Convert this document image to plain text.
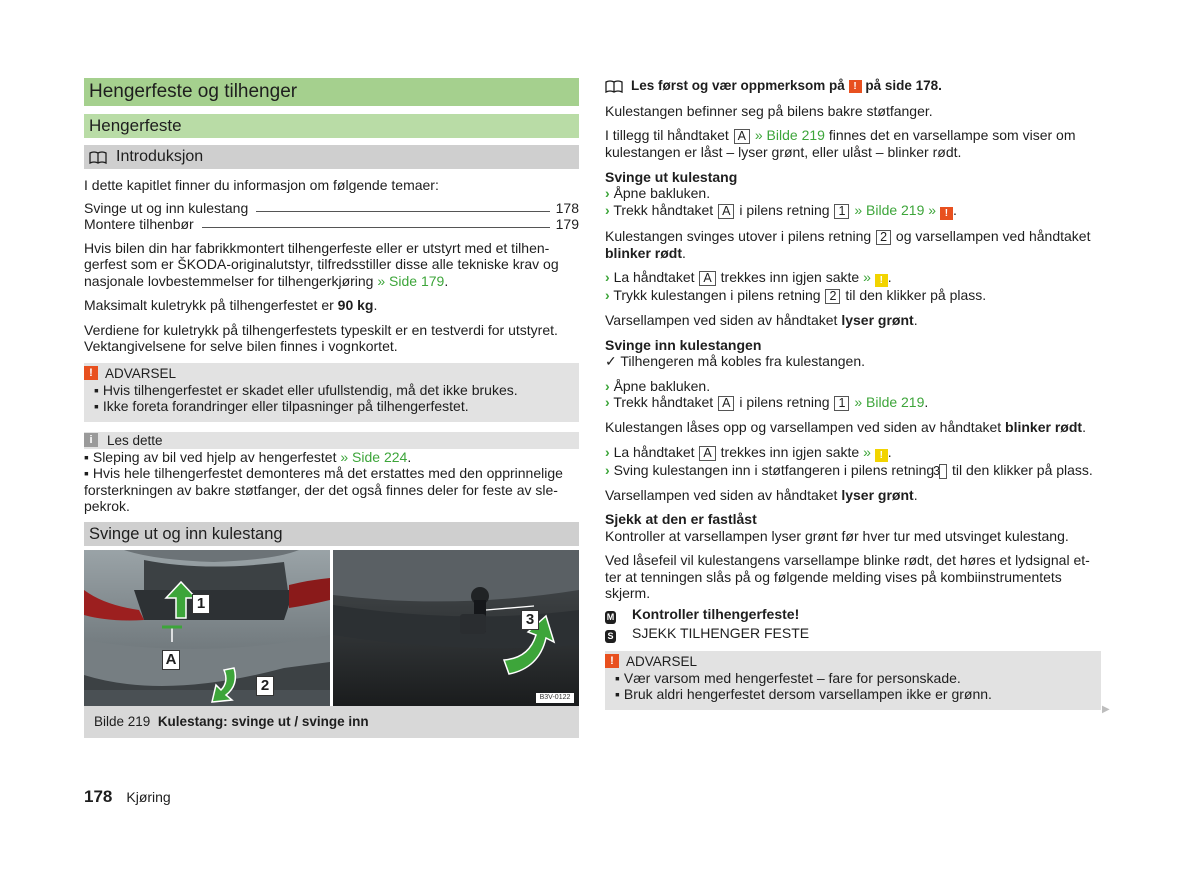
Hengerfeste og tilhenger
Hengerfeste
Introduksjon

I dette kapitlet finner du informasjon om følgende temaer:

Svinge ut og inn kulestang	178
Montere tilhenbør	179

Hvis bilen din har fabrikkmontert tilhengerfeste eller er utstyrt med et tilhen-gerfest som er ŠKODA-originalutstyr, tilfredsstiller disse alle tekniske krav og nasjonale lovbestemmelser for tilhengerkjøring » Side 179.

Maksimalt kuletrykk på tilhengerfestet er 90 kg.

Verdiene for kuletrykk på tilhengerfestets typeskilt er en testverdi for utstyret. Vektangivelsene for selve bilen finnes i vognkortet.

! ADVARSEL
▪ Hvis tilhengerfestet er skadet eller ufullstendig, må det ikke brukes.
▪ Ikke foreta forandringer eller tilpasninger på tilhengerfestet.
i	Les dette

▪ Sleping av bil ved hjelp av hengerfestet » Side 224.

▪ Hvis hele tilhengerfestet demonteres må det erstattes med den opprinnelige forsterkningen av bakre støtfanger, der det også finnes deler for feste av sle-pekrok.

Svinge ut og inn kulestang
1
A
2
3
B3V-0122
Bilde 219 Kulestang: svinge ut / svinge inn

Les først og vær oppmerksom på
!
på side 178.

Kulestangen befinner seg på bilens bakre støtfanger.

I tillegg til håndtaket A » Bilde 219 finnes det en varsellampe som viser om kulestangen er låst – lyser grønt, eller ulåst – blinker rødt.

Svinge ut kulestang

› Åpne bakluken.

› Trekk håndtaket A i pilens retning 1 » Bilde 219 » ! .

Kulestangen svinges utover i pilens retning 2 og varsellampen ved håndtaket blinker rødt.

› La håndtaket A trekkes inn igjen sakte » ! .

› Trykk kulestangen i pilens retning 2 til den klikker på plass.

Varsellampen ved siden av håndtaket lyser grønt.

Svinge inn kulestangen

✓ Tilhengeren må kobles fra kulestangen.

› Åpne bakluken.

› Trekk håndtaket A i pilens retning 1 » Bilde 219.

Kulestangen låses opp og varsellampen ved siden av håndtaket blinker rødt.

› La håndtaket A trekkes inn igjen sakte » ! .

› Sving kulestangen inn i støtfangeren i pilens retning 3 til den klikker på plass.

Varsellampen ved siden av håndtaket lyser grønt.

Sjekk at den er fastlåst

Kontroller at varsellampen lyser grønt før hver tur med utsvinget kulestang.

Ved låsefeil vil kulestangens varsellampe blinke rødt, det høres et lydsignal et-ter at tenningen slås på og følgende melding vises på kombiinstrumentets skjerm.

M Kontroller tilhengerfeste!

S SJEKK TILHENGER FESTE

! ADVARSEL
▪ Vær varsom med hengerfestet – fare for personskade.
▪ Bruk aldri hengerfestet dersom varsellampen ikke er grønn.
▶
178 Kjøring
